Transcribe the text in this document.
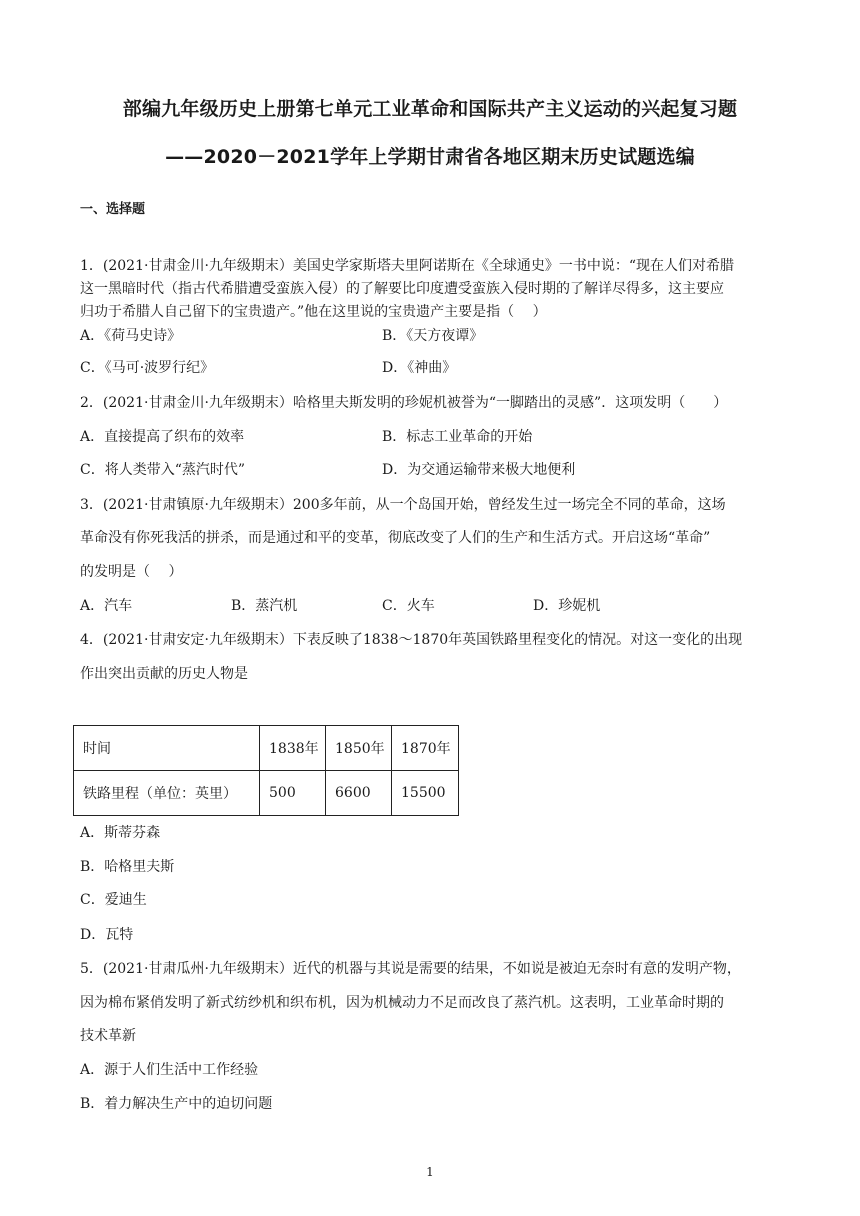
部编九年级历史上册第七单元工业革命和国际共产主义运动的兴起复习题
——2020－2021学年上学期甘肃省各地区期末历史试题选编
一、选择题
1．(2021·甘肃金川·九年级期末）美国史学家斯塔夫里阿诺斯在《全球通史》一书中说：“现在人们对希腊
这一黑暗时代（指古代希腊遭受蛮族入侵）的了解要比印度遭受蛮族入侵时期的了解详尽得多，这主要应
归功于希腊人自己留下的宝贵遗产。”他在这里说的宝贵遗产主要是指（　 ）
A．《荷马史诗》	B．《天方夜谭》
C．《马可·波罗行纪》	D．《神曲》
2．(2021·甘肃金川·九年级期末）哈格里夫斯发明的珍妮机被誉为“一脚踏出的灵感”．这项发明（　　）
A．直接提高了织布的效率	B．标志工业革命的开始
C．将人类带入“蒸汽时代”	D．为交通运输带来极大地便利
3．(2021·甘肃镇原·九年级期末）200多年前，从一个岛国开始，曾经发生过一场完全不同的革命，这场
革命没有你死我活的拼杀，而是通过和平的变革，彻底改变了人们的生产和生活方式。开启这场“革命”
的发明是（　 ）
A．汽车	B．蒸汽机	C．火车	D．珍妮机
4．(2021·甘肃安定·九年级期末）下表反映了1838～1870年英国铁路里程变化的情况。对这一变化的出现
作出突出贡献的历史人物是
时间	1838年	1850年	1870年
铁路里程（单位：英里）	500	6600	15500
A．斯蒂芬森
B．哈格里夫斯
C．爱迪生
D．瓦特
5．(2021·甘肃瓜州·九年级期末）近代的机器与其说是需要的结果，不如说是被迫无奈时有意的发明产物，
因为棉布紧俏发明了新式纺纱机和织布机，因为机械动力不足而改良了蒸汽机。这表明，工业革命时期的
技术革新
A．源于人们生活中工作经验
B．着力解决生产中的迫切问题
1
